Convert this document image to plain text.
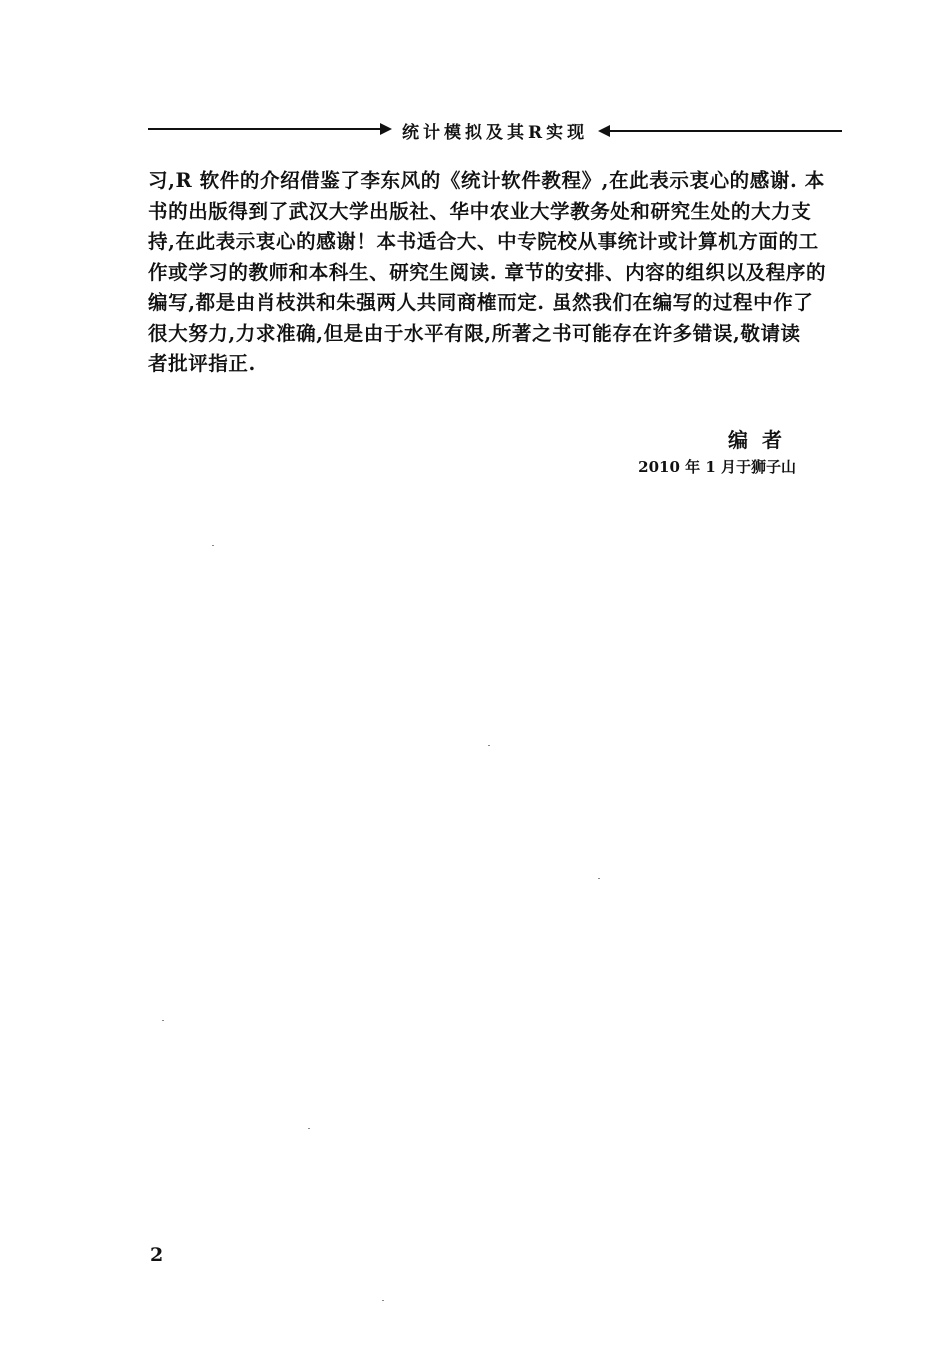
统计模拟及其R实现
习,R 软件的介绍借鉴了李东风的《统计软件教程》,在此表示衷心的感谢. 本
书的出版得到了武汉大学出版社、华中农业大学教务处和研究生处的大力支
持,在此表示衷心的感谢！本书适合大、中专院校从事统计或计算机方面的工
作或学习的教师和本科生、研究生阅读. 章节的安排、内容的组织以及程序的
编写,都是由肖枝洪和朱强两人共同商榷而定. 虽然我们在编写的过程中作了
很大努力,力求准确,但是由于水平有限,所著之书可能存在许多错误,敬请读
者批评指正.
编者
2010 年 1 月于狮子山
2
